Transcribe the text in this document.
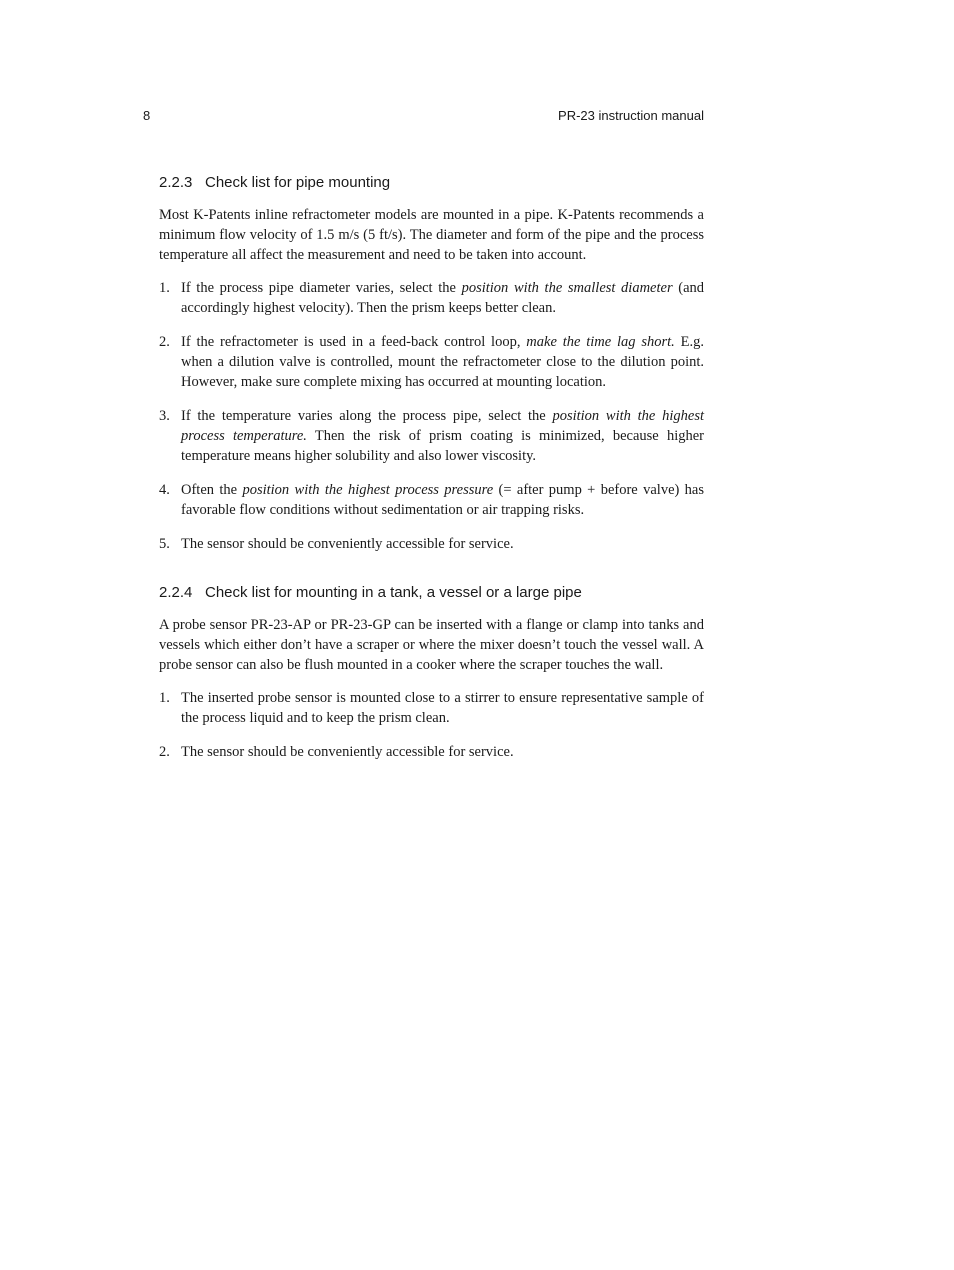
8	PR-23 instruction manual
2.2.3 Check list for pipe mounting

Most K-Patents inline refractometer models are mounted in a pipe. K-Patents recommends a minimum flow velocity of 1.5 m/s (5 ft/s). The diameter and form of the pipe and the process temperature all affect the measurement and need to be taken into account.

1. If the process pipe diameter varies, select the position with the smallest diameter (and accordingly highest velocity). Then the prism keeps better clean.
2. If the refractometer is used in a feed-back control loop, make the time lag short. E.g. when a dilution valve is controlled, mount the refractometer close to the dilution point. However, make sure complete mixing has occurred at mounting location.
3. If the temperature varies along the process pipe, select the position with the highest process temperature. Then the risk of prism coating is minimized, because higher temperature means higher solubility and also lower viscosity.
4. Often the position with the highest process pressure (= after pump + before valve) has favorable flow conditions without sedimentation or air trapping risks.
5. The sensor should be conveniently accessible for service.
2.2.4 Check list for mounting in a tank, a vessel or a large pipe

A probe sensor PR-23-AP or PR-23-GP can be inserted with a flange or clamp into tanks and vessels which either don’t have a scraper or where the mixer doesn’t touch the vessel wall. A probe sensor can also be flush mounted in a cooker where the scraper touches the wall.

1. The inserted probe sensor is mounted close to a stirrer to ensure representative sample of the process liquid and to keep the prism clean.
2. The sensor should be conveniently accessible for service.
